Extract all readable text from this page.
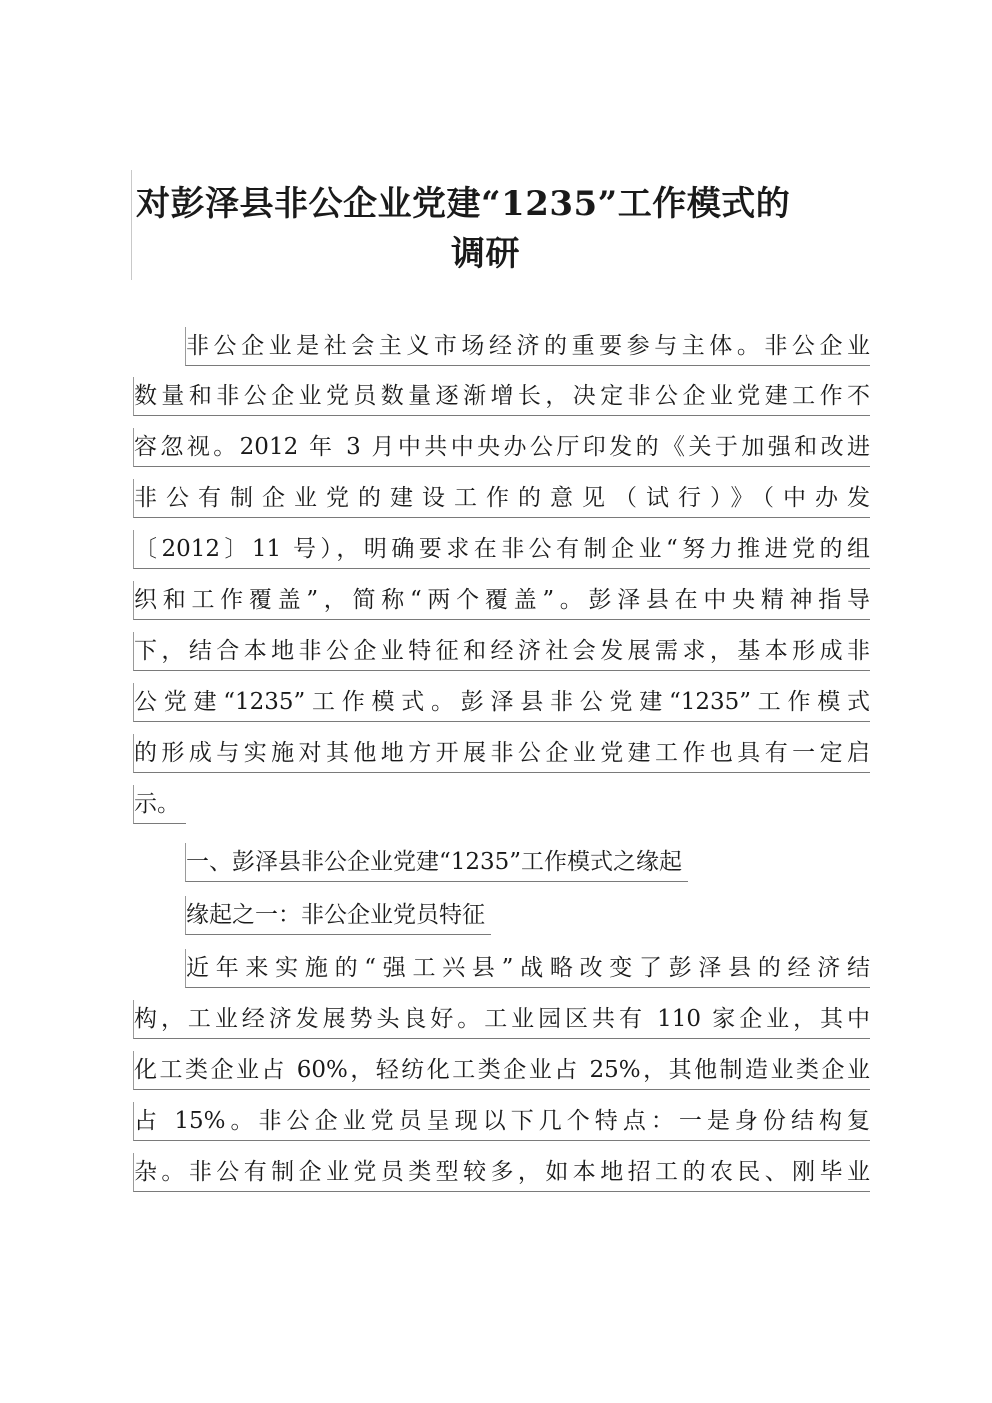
对彭泽县非公企业党建“1235”工作模式的
调研
非公企业是社会主义市场经济的重要参与主体。非公企业
数量和非公企业党员数量逐渐增长，决定非公企业党建工作不
容忽视。2012 年 3 月中共中央办公厅印发的《关于加强和改进
非公有制企业党的建设工作的意见（试行）》（中办发
〔2012〕11 号），明确要求在非公有制企业“努力推进党的组
织和工作覆盖”，简称“两个覆盖”。彭泽县在中央精神指导
下，结合本地非公企业特征和经济社会发展需求，基本形成非
公党建“1235”工作模式。彭泽县非公党建“1235”工作模式
的形成与实施对其他地方开展非公企业党建工作也具有一定启
示。
一、彭泽县非公企业党建“1235”工作模式之缘起
缘起之一：非公企业党员特征
近年来实施的“强工兴县”战略改变了彭泽县的经济结
构，工业经济发展势头良好。工业园区共有 110 家企业，其中
化工类企业占 60%，轻纺化工类企业占 25%，其他制造业类企业
占 15%。非公企业党员呈现以下几个特点：一是身份结构复
杂。非公有制企业党员类型较多，如本地招工的农民、刚毕业
